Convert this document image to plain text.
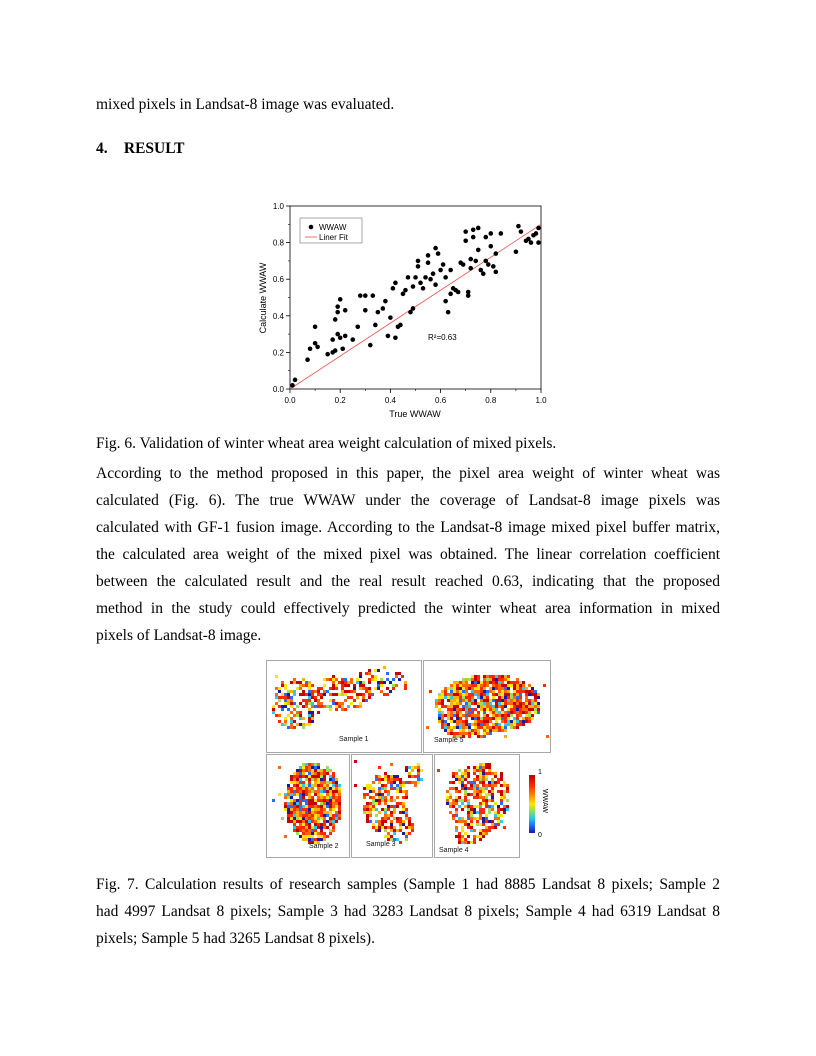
mixed pixels in Landsat-8 image was evaluated.
4. RESULT
0.0
0.0
0.2
0.2
0.4
0.4
0.6
0.6
0.8
0.8
1.0
1.0
WWAW
Liner Fit
R²=0.63
True WWAW
Calculate WWAW
Fig. 6. Validation of winter wheat area weight calculation of mixed pixels.
According to the method proposed in this paper, the pixel area weight of winter wheat was
calculated (Fig. 6). The true WWAW under the coverage of Landsat-8 image pixels was
calculated with GF-1 fusion image. According to the Landsat-8 image mixed pixel buffer matrix,
the calculated area weight of the mixed pixel was obtained. The linear correlation coefficient
between the calculated result and the real result reached 0.63, indicating that the proposed
method in the study could effectively predicted the winter wheat area information in mixed
pixels of Landsat-8 image.
Sample 1	Sample 5
Sample 2	Sample 3
Sample 4
1
0
WWAW
Fig. 7. Calculation results of research samples (Sample 1 had 8885 Landsat 8 pixels; Sample 2
had 4997 Landsat 8 pixels; Sample 3 had 3283 Landsat 8 pixels; Sample 4 had 6319 Landsat 8
pixels; Sample 5 had 3265 Landsat 8 pixels).
